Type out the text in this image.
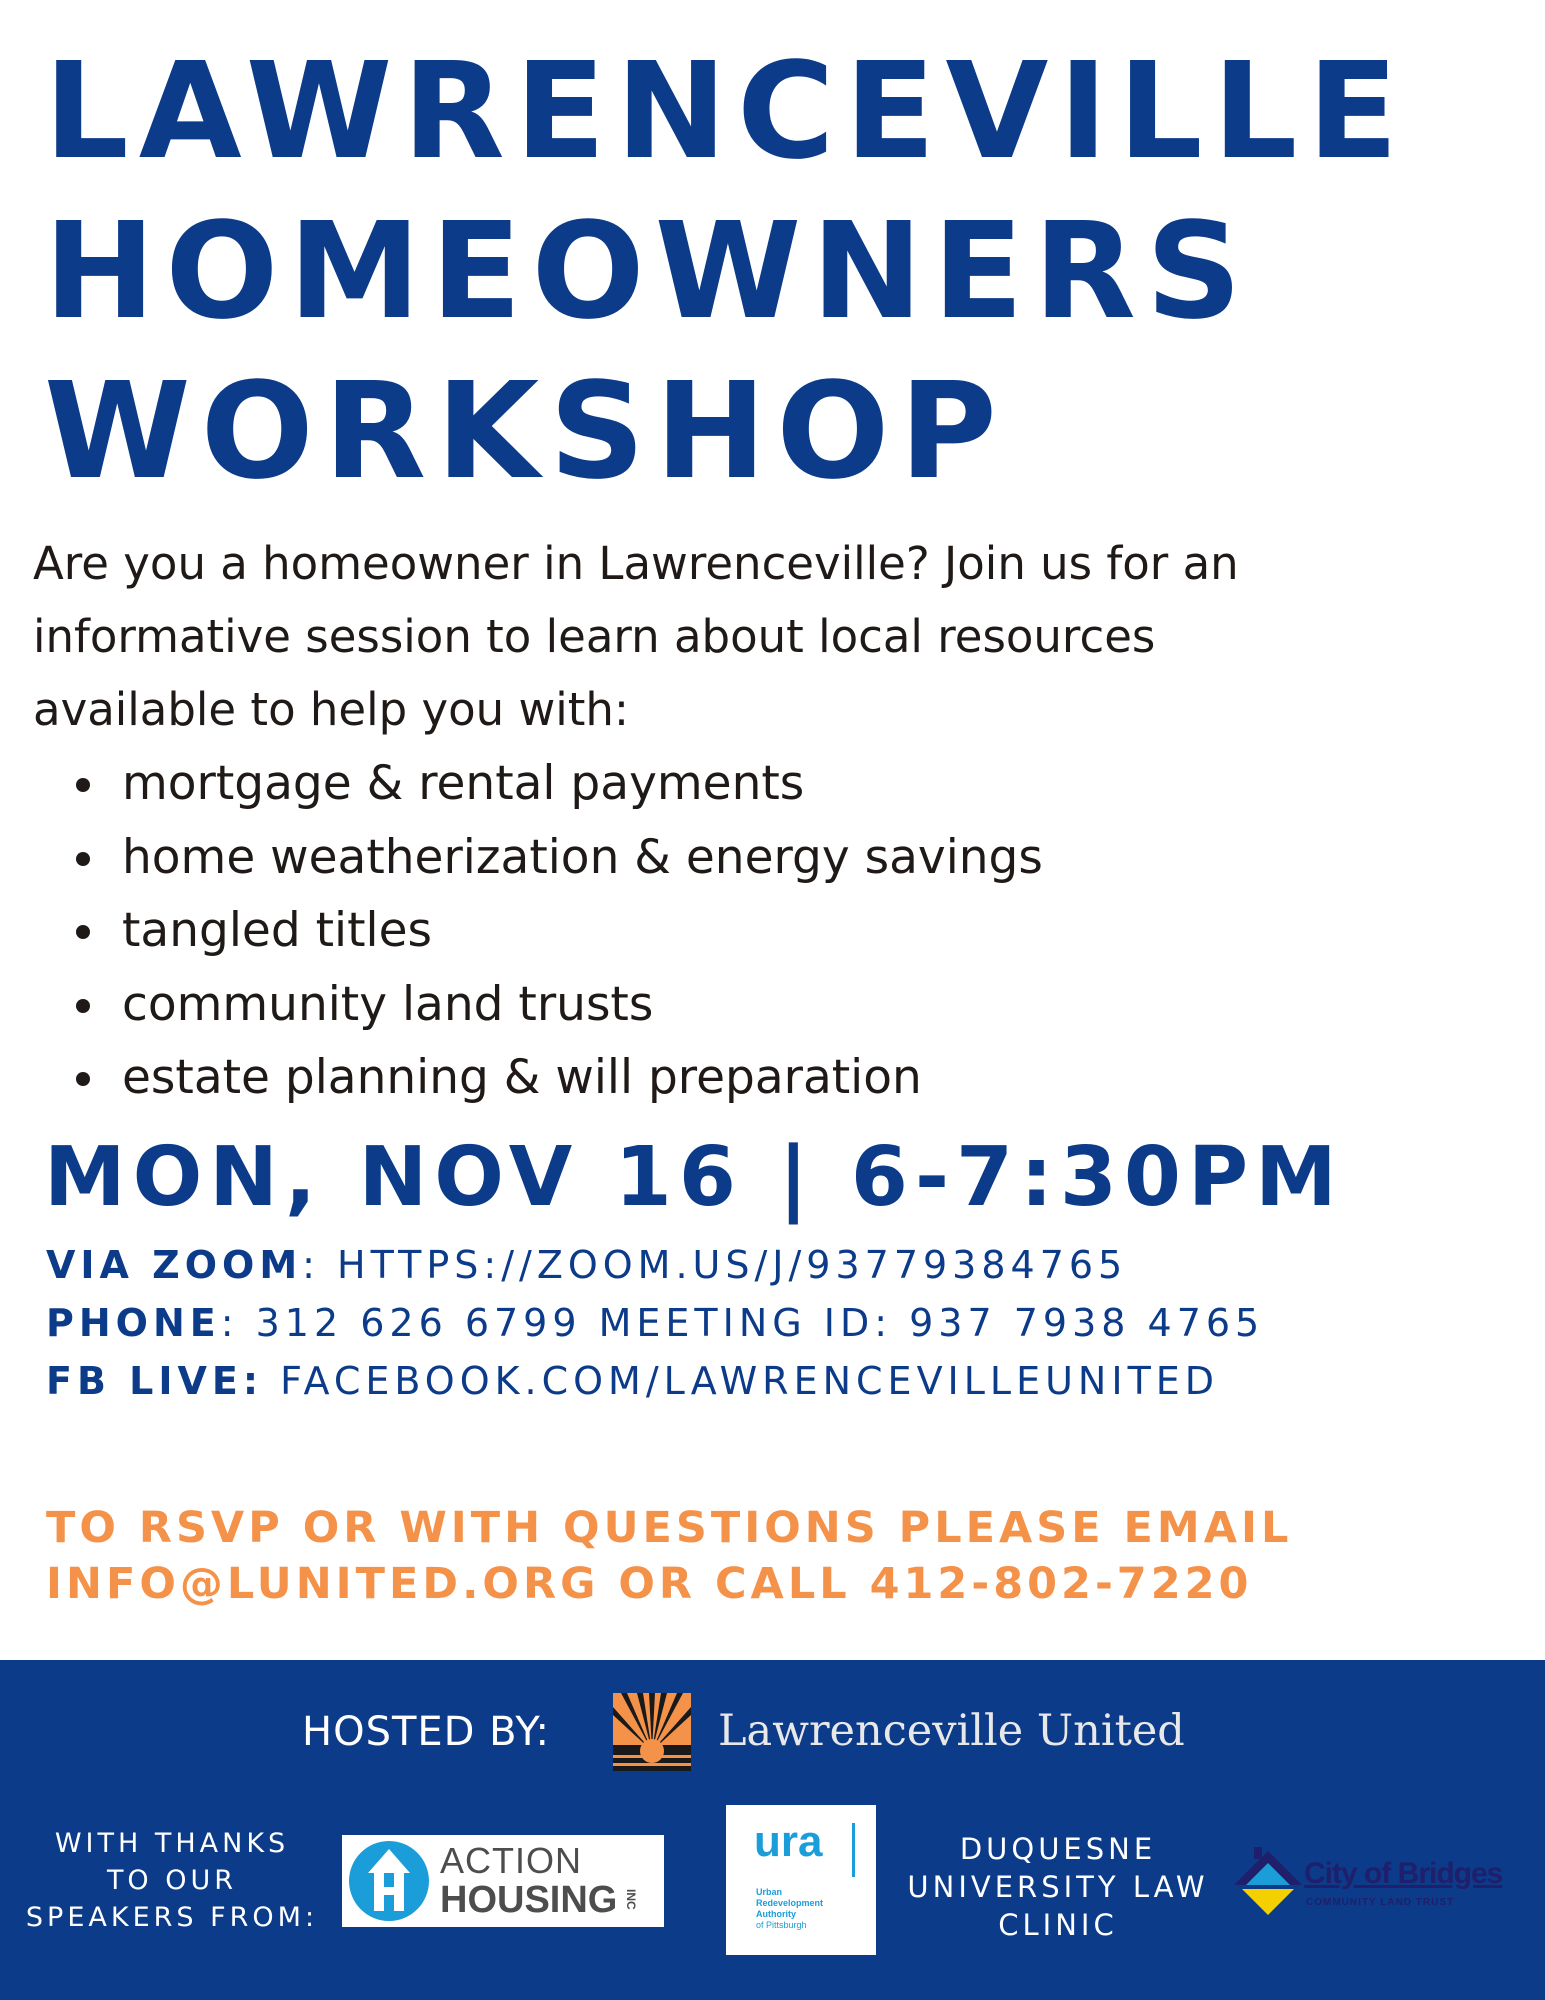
LAWRENCEVILLE
HOMEOWNERS
WORKSHOP
Are you a homeowner in Lawrenceville? Join us for an
informative session to learn about local resources
available to help you with:
mortgage & rental payments
home weatherization & energy savings
tangled titles
community land trusts
estate planning & will preparation
MON, NOV 16 | 6-7:30PM
VIA ZOOM: HTTPS://ZOOM.US/J/93779384765
PHONE: 312 626 6799 MEETING ID: 937 7938 4765
FB LIVE: FACEBOOK.COM/LAWRENCEVILLEUNITED
TO RSVP OR WITH QUESTIONS PLEASE EMAIL
INFO@LUNITED.ORG OR CALL 412-802-7220
HOSTED BY:	Lawrenceville United
WITH THANKS
TO OUR
SPEAKERS FROM:
ACTION
HOUSING INC
ura
Urban
Redevelopment
Authority
of Pittsburgh
DUQUESNE
UNIVERSITY LAW
CLINIC
City of Bridges
COMMUNITY LAND TRUST
